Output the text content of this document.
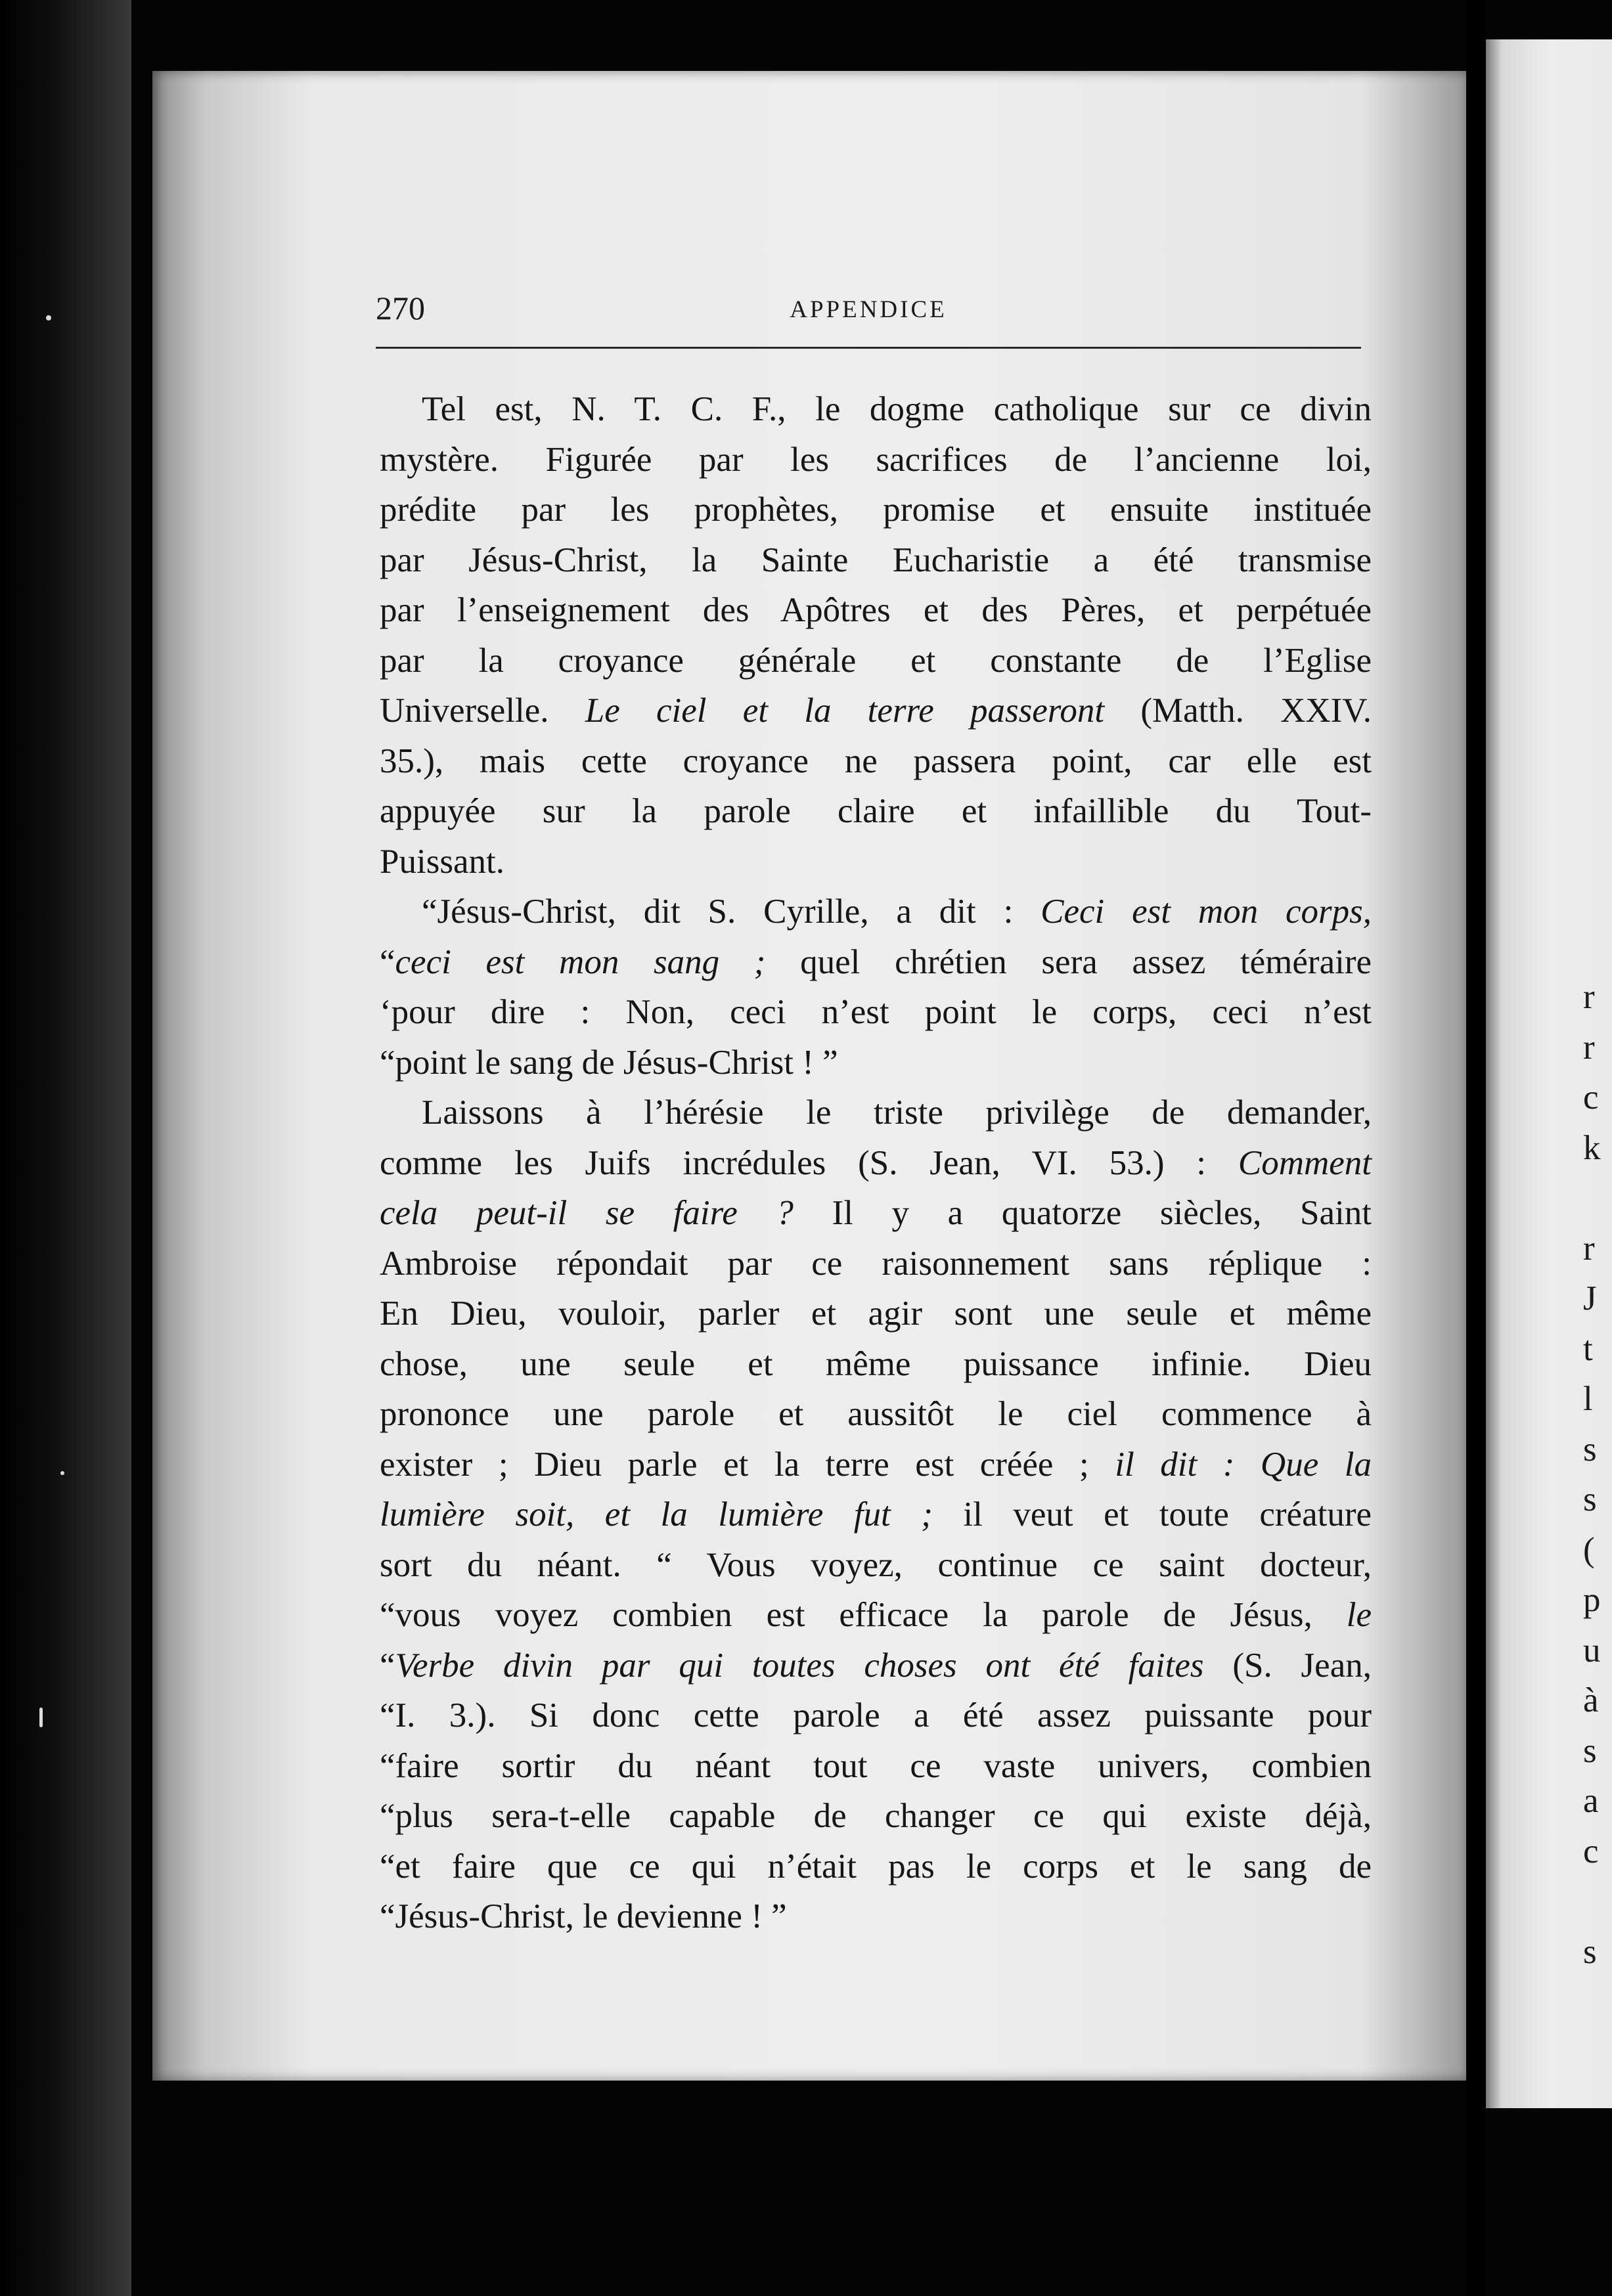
270	APPENDICE
Tel est, N. T. C. F., le dogme catholique sur ce divin
mystère. Figurée par les sacrifices de l’ancienne loi,
prédite par les prophètes, promise et ensuite instituée
par Jésus-Christ, la Sainte Eucharistie a été transmise
par l’enseignement des Apôtres et des Pères, et perpétuée
par la croyance générale et constante de l’Eglise
Universelle. Le ciel et la terre passeront (Matth. XXIV.
35.), mais cette croyance ne passera point, car elle est
appuyée sur la parole claire et infaillible du Tout-
Puissant.
“Jésus-Christ, dit S. Cyrille, a dit : Ceci est mon corps,
“ceci est mon sang ; quel chrétien sera assez téméraire
‘pour dire : Non, ceci n’est point le corps, ceci n’est
“point le sang de Jésus-Christ ! ”
Laissons à l’hérésie le triste privilège de demander,
comme les Juifs incrédules (S. Jean, VI. 53.) : Comment
cela peut-il se faire ? Il y a quatorze siècles, Saint
Ambroise répondait par ce raisonnement sans réplique :
En Dieu, vouloir, parler et agir sont une seule et même
chose, une seule et même puissance infinie. Dieu
prononce une parole et aussitôt le ciel commence à
exister ; Dieu parle et la terre est créée ; il dit : Que la
lumière soit, et la lumière fut ; il veut et toute créature
sort du néant. “ Vous voyez, continue ce saint docteur,
“vous voyez combien est efficace la parole de Jésus, le
“Verbe divin par qui toutes choses ont été faites (S. Jean,
“I. 3.). Si donc cette parole a été assez puissante pour
“faire sortir du néant tout ce vaste univers, combien
“plus sera-t-elle capable de changer ce qui existe déjà,
“et faire que ce qui n’était pas le corps et le sang de
“Jésus-Christ, le devienne ! ”
r
r
c
k
r
J
t
l
s
s
(
p
u
à
s
a
c
s
